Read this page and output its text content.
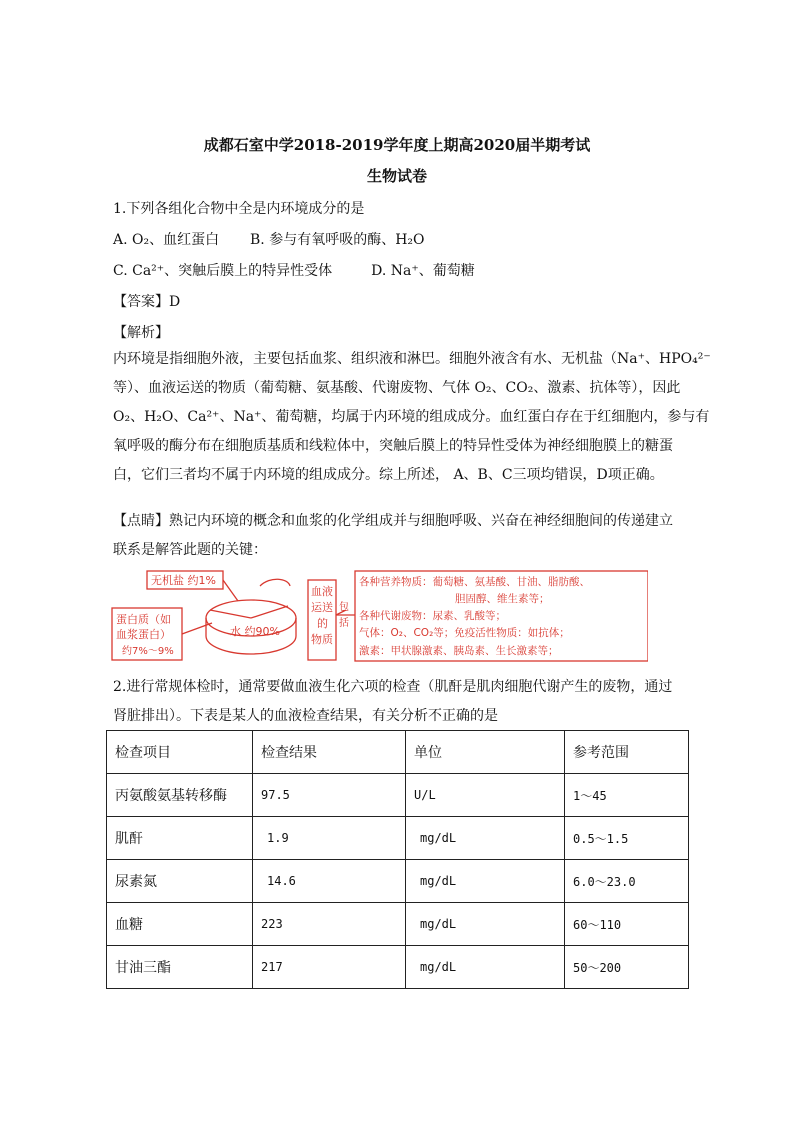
成都石室中学2018-2019学年度上期高2020届半期考试
生物试卷
1.下列各组化合物中全是内环境成分的是
A. O₂、血红蛋白 B. 参与有氧呼吸的酶、H₂O
C. Ca²⁺、突触后膜上的特异性受体	D. Na⁺、葡萄糖
【答案】D
【解析】
内环境是指细胞外液，主要包括血浆、组织液和淋巴。细胞外液含有水、无机盐（Na⁺、HPO₄²⁻
等）、血液运送的物质（葡萄糖、氨基酸、代谢废物、气体 O₂、CO₂、激素、抗体等），因此
O₂、H₂O、Ca²⁺、Na⁺、葡萄糖，均属于内环境的组成成分。血红蛋白存在于红细胞内，参与有
氧呼吸的酶分布在细胞质基质和线粒体中，突触后膜上的特异性受体为神经细胞膜上的糖蛋
白，它们三者均不属于内环境的组成成分。综上所述， A、B、C三项均错误，D项正确。
【点睛】熟记内环境的概念和血浆的化学组成并与细胞呼吸、兴奋在神经细胞间的传递建立
联系是解答此题的关键：
无机盐 约1%
蛋白质（如
血浆蛋白）
约7%～9%
水 约90%
血液
运送
的
物质
包
括
各种营养物质：葡萄糖、氨基酸、甘油、脂肪酸、
胆固醇、维生素等；
各种代谢废物：尿素、乳酸等；
气体：O₂、CO₂等；免疫活性物质：如抗体；
激素：甲状腺激素、胰岛素、生长激素等；
2.进行常规体检时，通常要做血液生化六项的检查（肌酐是肌肉细胞代谢产生的废物，通过
肾脏排出）。下表是某人的血液检查结果，有关分析不正确的是
检查项目	检查结果	单位	参考范围
丙氨酸氨基转移酶	97.5	U/L	1～45
肌酐	1.9	mg/dL	0.5～1.5
尿素氮	14.6	mg/dL	6.0～23.0
血糖	223	mg/dL	60～110
甘油三酯	217	mg/dL	50～200
